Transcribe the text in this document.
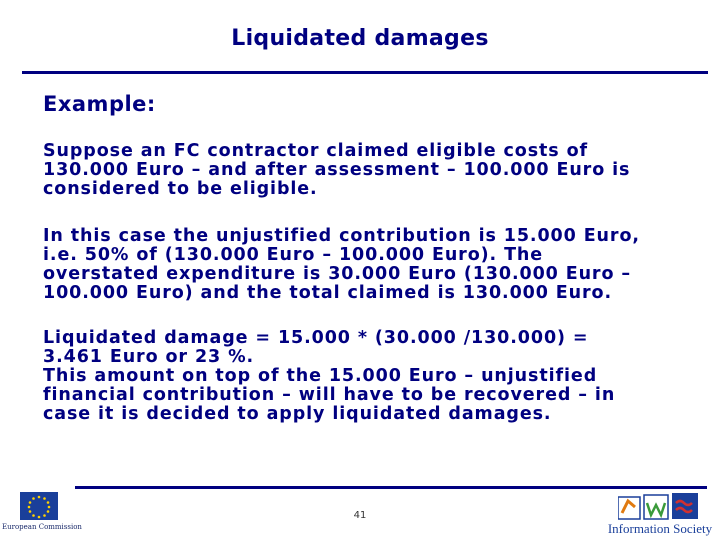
Liquidated damages
Example:
Suppose an FC contractor claimed eligible costs of
130.000 Euro – and after assessment – 100.000 Euro is
considered to be eligible.
In this case the unjustified contribution is 15.000 Euro,
i.e. 50% of (130.000 Euro – 100.000 Euro). The
overstated expenditure is 30.000 Euro (130.000 Euro –
100.000 Euro) and the total claimed is 130.000 Euro.
Liquidated damage = 15.000 * (30.000 /130.000) =
3.461 Euro or 23 %.
This amount on top of the 15.000 Euro – unjustified
financial contribution – will have to be recovered – in
case it is decided to apply liquidated damages.
European Commission
41
Information Society
